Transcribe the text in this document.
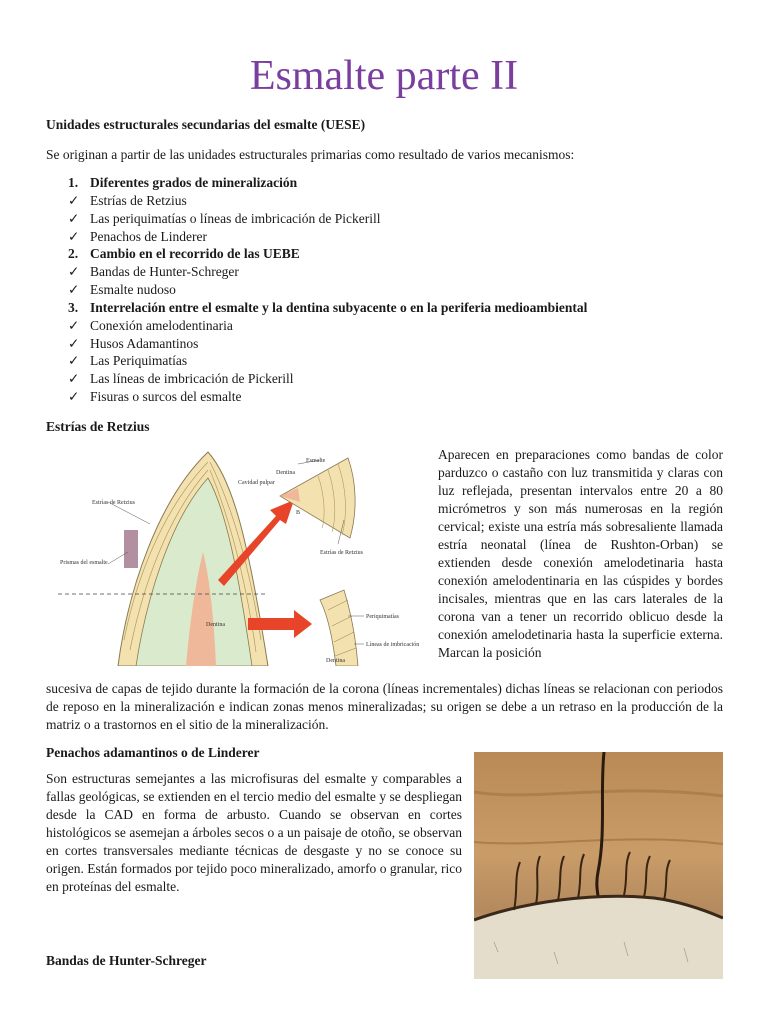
Esmalte parte II
Unidades estructurales secundarias del esmalte (UESE)
Se originan a partir de las unidades estructurales primarias como resultado de varios mecanismos:
1. Diferentes grados de mineralización
✓ Estrías de Retzius
✓ Las periquimatías o líneas de imbricación de Pickerill
✓ Penachos de Linderer
2. Cambio en el recorrido de las UEBE
✓ Bandas de Hunter-Schreger
✓ Esmalte nudoso
3. Interrelación entre el esmalte y la dentina subyacente o en la periferia medioambiental
✓ Conexión amelodentinaria
✓ Husos Adamantinos
✓ Las Periquimatías
✓ Las líneas de imbricación de Pickerill
✓ Fisuras o surcos del esmalte
Estrías de Retzius
Esmalte
Dentina
Cavidad pulpar
B
Estrías de Retzius
Prismas del esmalte
Estrías de Retzius
Dentina
Periquimatías
Líneas de imbricación
Dentina
Aparecen en preparaciones como bandas de color parduzco o castaño con luz transmitida y claras con luz reflejada, presentan intervalos entre 20 a 80 micrómetros y son más numerosas en la región cervical; existe una estría más sobresaliente llamada estría neonatal (línea de Rushton-Orban) se extienden desde conexión amelodetinaria hasta conexión amelodentinaria en las cúspides y bordes incisales, mientras que en las cars laterales de la corona van a tener un recorrido oblicuo desde la conexión amelodetinaria hasta la superficie externa. Marcan la posición
sucesiva de capas de tejido durante la formación de la corona (líneas incrementales) dichas líneas se relacionan con periodos de reposo en la mineralización e indican zonas menos mineralizadas; su origen se debe a un retraso en la producción de la matriz o a trastornos en el sitio de la mineralización.
Penachos adamantinos o de Linderer
Son estructuras semejantes a las microfisuras del esmalte y comparables a fallas geológicas, se extienden en el tercio medio del esmalte y se despliegan desde la CAD en forma de arbusto. Cuando se observan en cortes histológicos se asemejan a árboles secos o a un paisaje de otoño, se observan en cortes transversales mediante técnicas de desgaste y no se conoce su origen. Están formados por tejido poco mineralizado, amorfo o granular, rico en proteínas del esmalte.
Bandas de Hunter-Schreger
